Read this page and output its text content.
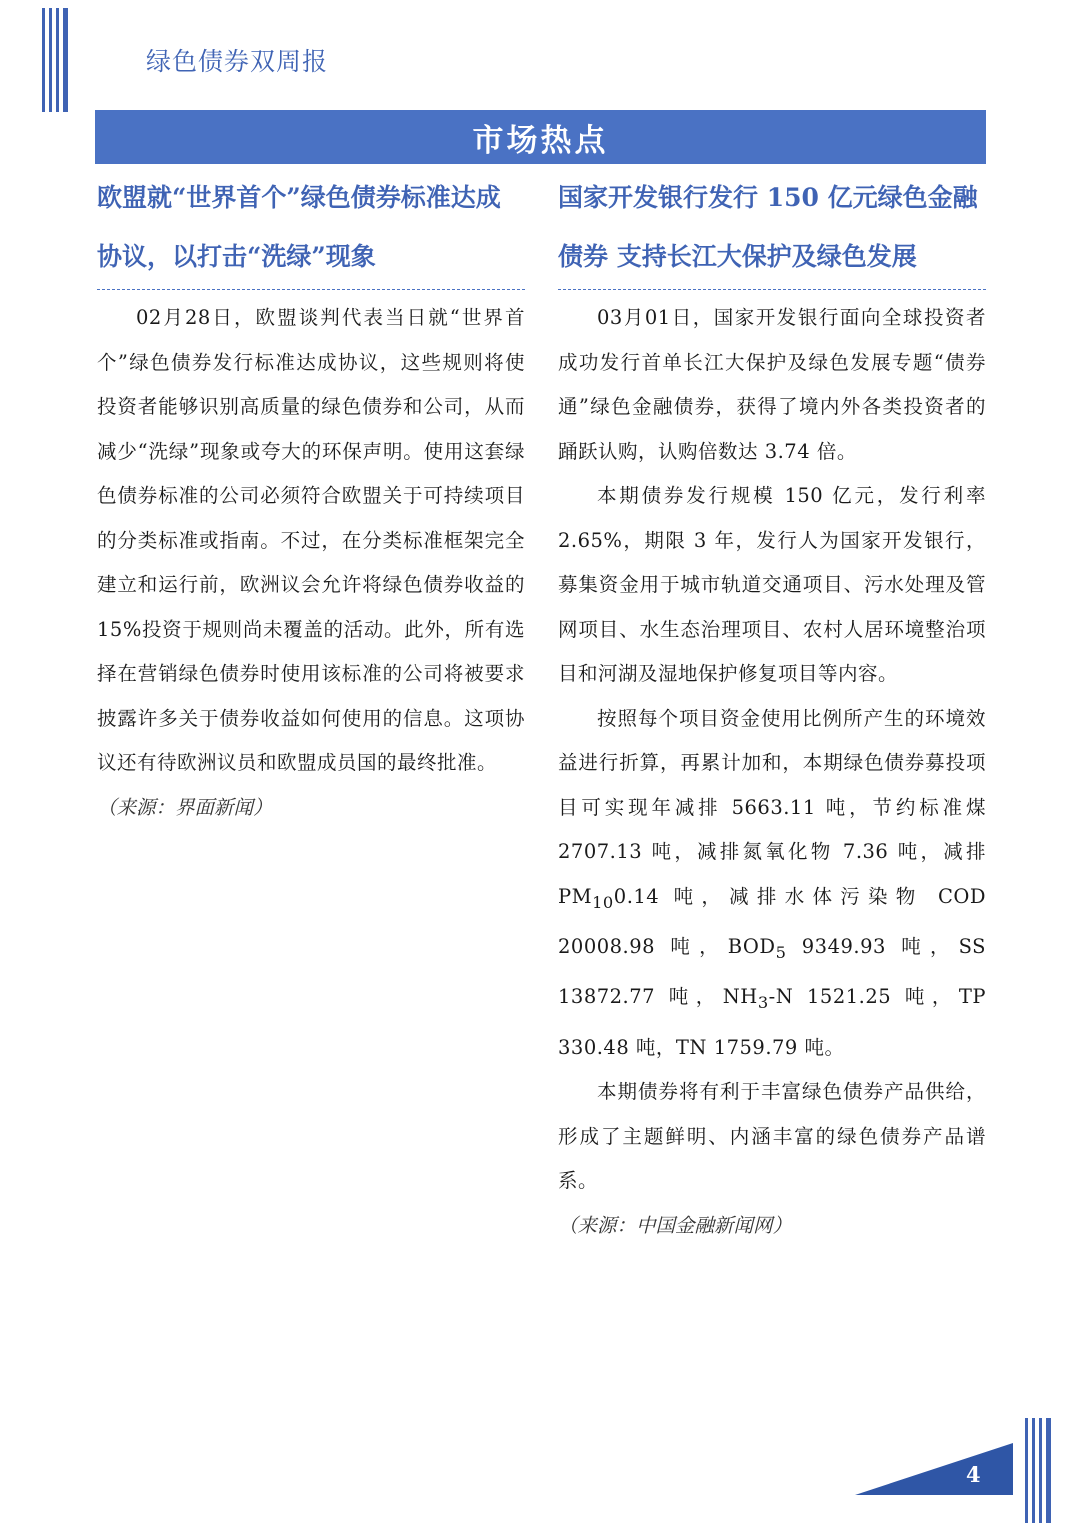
绿色债券双周报
市场热点
欧盟就“世界首个”绿色债券标准达成协议，以打击“洗绿”现象

02月28日，欧盟谈判代表当日就“世界首个”绿色债券发行标准达成协议，这些规则将使投资者能够识别高质量的绿色债券和公司，从而减少“洗绿”现象或夸大的环保声明。使用这套绿色债券标准的公司必须符合欧盟关于可持续项目的分类标准或指南。不过，在分类标准框架完全建立和运行前，欧洲议会允许将绿色债券收益的 15%投资于规则尚未覆盖的活动。此外，所有选择在营销绿色债券时使用该标准的公司将被要求披露许多关于债券收益如何使用的信息。这项协议还有待欧洲议员和欧盟成员国的最终批准。

（来源：界面新闻）

国家开发银行发行 150 亿元绿色金融债券 支持长江大保护及绿色发展

03月01日，国家开发银行面向全球投资者成功发行首单长江大保护及绿色发展专题“债券通”绿色金融债券，获得了境内外各类投资者的踊跃认购，认购倍数达 3.74 倍。

本期债券发行规模 150 亿元，发行利率2.65%，期限 3 年，发行人为国家开发银行，募集资金用于城市轨道交通项目、污水处理及管网项目、水生态治理项目、农村人居环境整治项目和河湖及湿地保护修复项目等内容。

按照每个项目资金使用比例所产生的环境效益进行折算，再累计加和，本期绿色债券募投项目可实现年减排 5663.11 吨，节约标准煤 2707.13 吨，减排氮氧化物 7.36 吨，减排 $PM_{10}0.14$ 吨，减排水体污染物 COD 20008.98 吨，$BOD_5$ 9349.93 吨，SS 13872.77 吨，$NH_3-N$ 1521.25 吨，TP 330.48 吨，TN 1759.79 吨。

本期债券将有利于丰富绿色债券产品供给，形成了主题鲜明、内涵丰富的绿色债券产品谱系。

（来源：中国金融新闻网）

4
